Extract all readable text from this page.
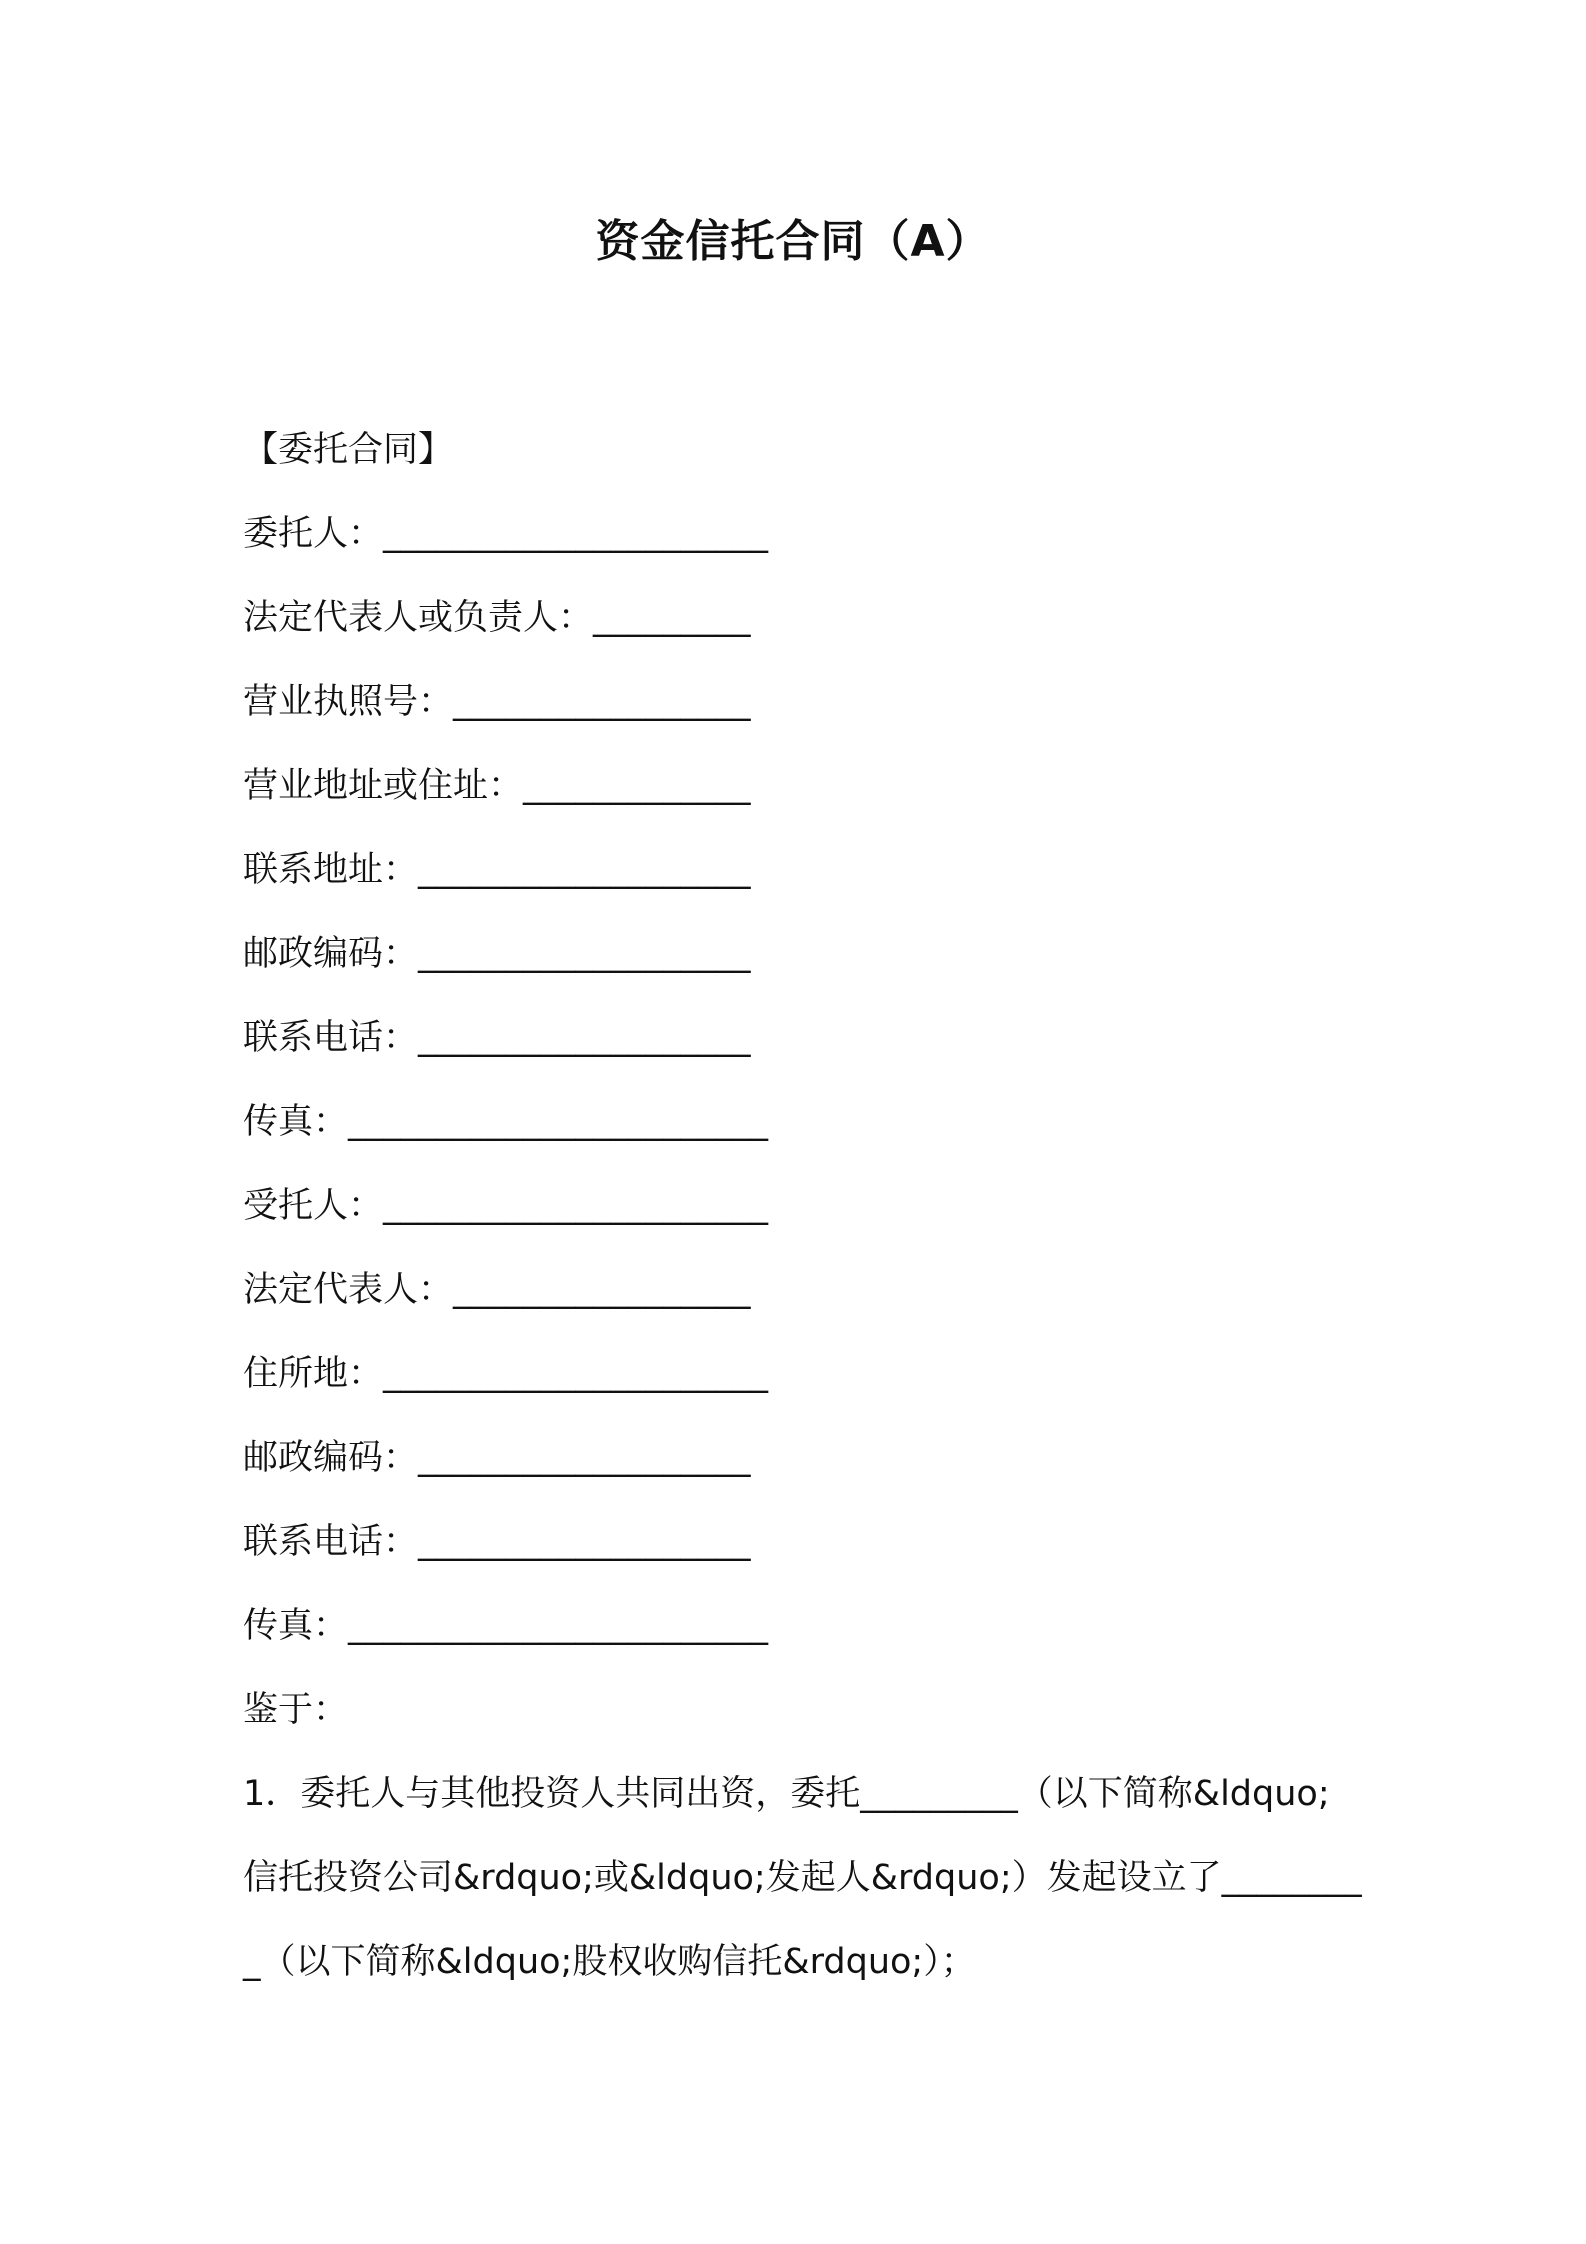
资金信托合同（A）
【委托合同】
委托人：______________________
法定代表人或负责人：_________
营业执照号：_________________
营业地址或住址：_____________
联系地址：___________________
邮政编码：___________________
联系电话：___________________
传真：________________________
受托人：______________________
法定代表人：_________________
住所地：______________________
邮政编码：___________________
联系电话：___________________
传真：________________________
鉴于：
1．委托人与其他投资人共同出资，委托_________（以下简称&ldquo;信托投资公司&rdquo;或&ldquo;发起人&rdquo;）发起设立了_________（以下简称&ldquo;股权收购信托&rdquo;）；
